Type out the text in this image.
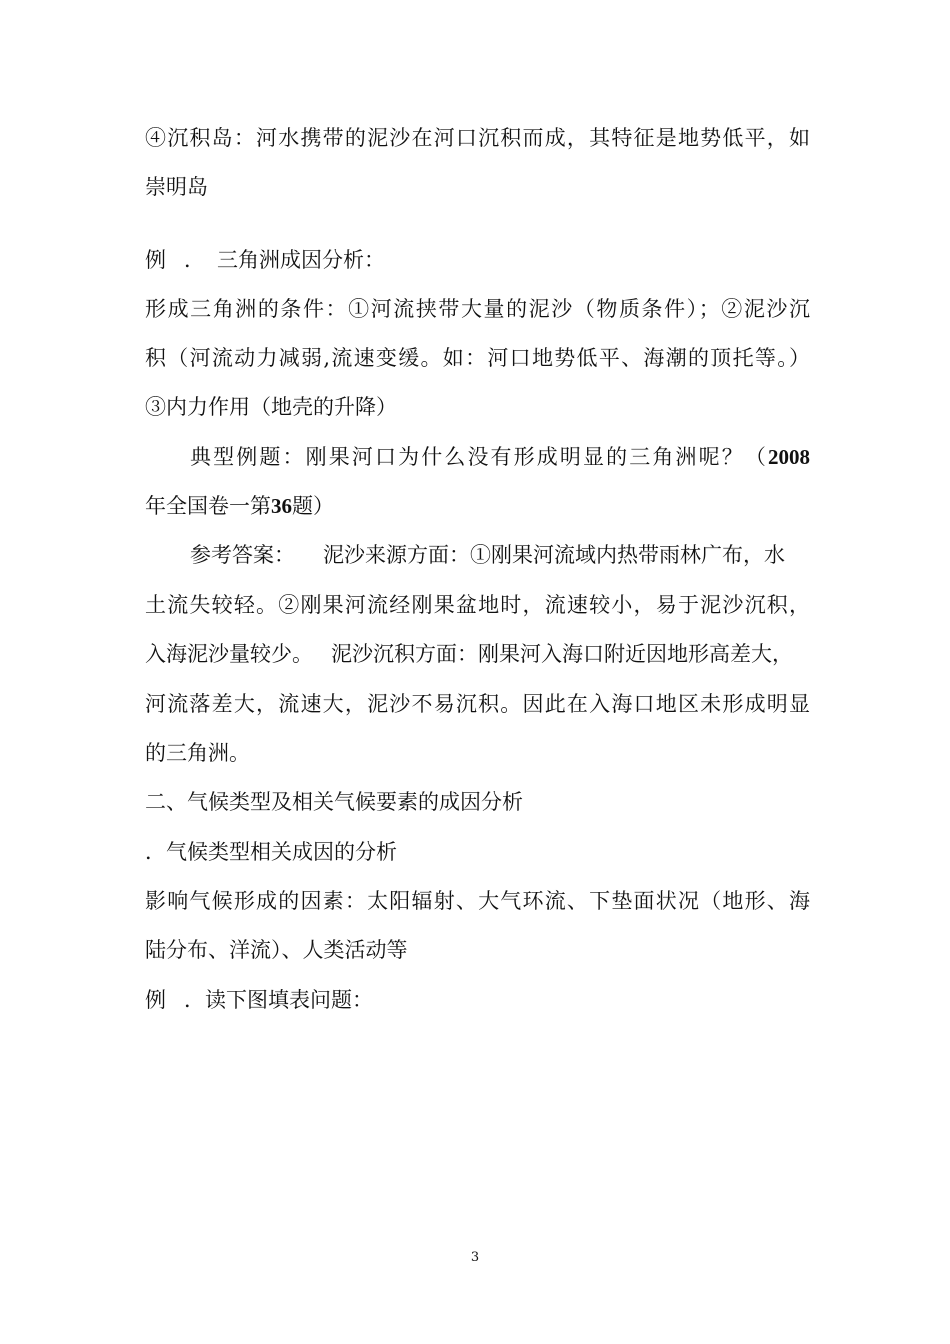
④沉积岛：河水携带的泥沙在河口沉积而成，其特征是地势低平，如
崇明岛
例 ． 三角洲成因分析：
形成三角洲的条件：①河流挟带大量的泥沙（物质条件）；②泥沙沉
积（河流动力减弱,流速变缓。如：河口地势低平、海潮的顶托等。）
③内力作用（地壳的升降）
典型例题：刚果河口为什么没有形成明显的三角洲呢？（2008
年全国卷一第36题）
参考答案： 泥沙来源方面：①刚果河流域内热带雨林广布，水
土流失较轻。②刚果河流经刚果盆地时，流速较小，易于泥沙沉积，
入海泥沙量较少。 泥沙沉积方面：刚果河入海口附近因地形高差大，
河流落差大，流速大，泥沙不易沉积。因此在入海口地区未形成明显
的三角洲。
二、气候类型及相关气候要素的成因分析
．气候类型相关成因的分析
影响气候形成的因素：太阳辐射、大气环流、下垫面状况（地形、海
陆分布、洋流）、人类活动等
例 ．读下图填表问题：
3
